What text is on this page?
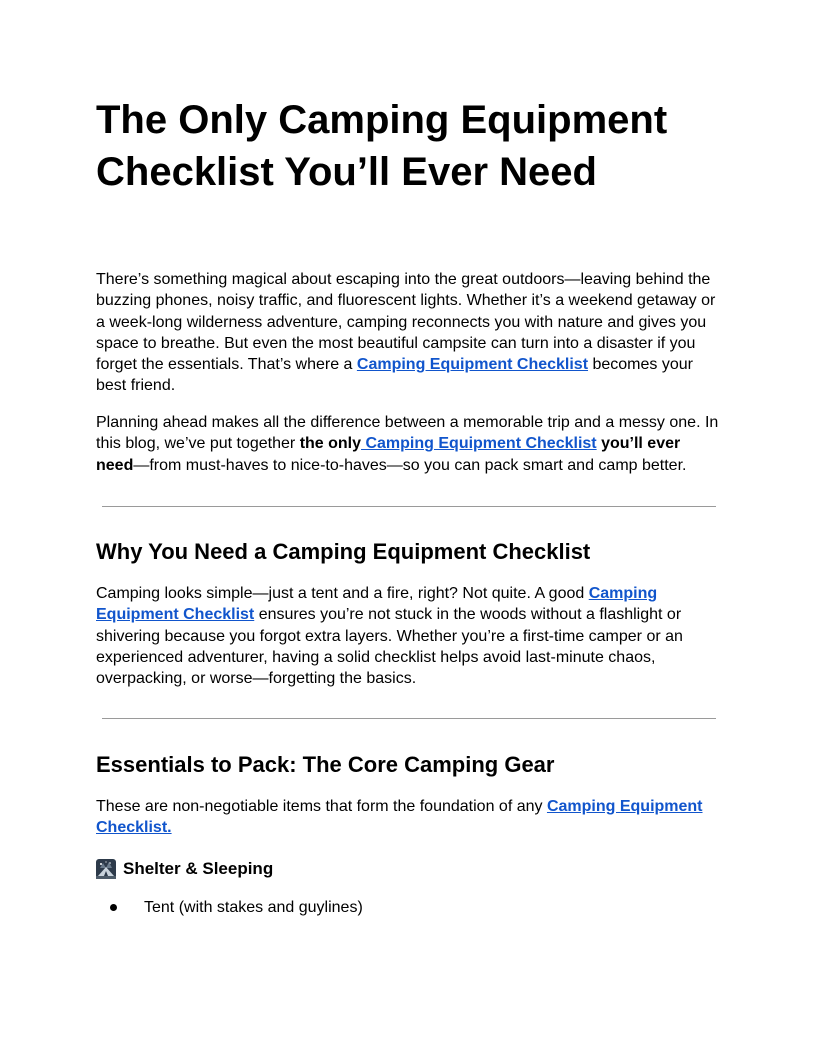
The Only Camping Equipment Checklist You’ll Ever Need

There’s something magical about escaping into the great outdoors—leaving behind the buzzing phones, noisy traffic, and fluorescent lights. Whether it’s a weekend getaway or a week-long wilderness adventure, camping reconnects you with nature and gives you space to breathe. But even the most beautiful campsite can turn into a disaster if you forget the essentials. That’s where a Camping Equipment Checklist becomes your best friend.

Planning ahead makes all the difference between a memorable trip and a messy one. In this blog, we’ve put together the only Camping Equipment Checklist you’ll ever need—from must-haves to nice-to-haves—so you can pack smart and camp better.

Why You Need a Camping Equipment Checklist

Camping looks simple—just a tent and a fire, right? Not quite. A good Camping Equipment Checklist ensures you’re not stuck in the woods without a flashlight or shivering because you forgot extra layers. Whether you’re a first-time camper or an experienced adventurer, having a solid checklist helps avoid last-minute chaos, overpacking, or worse—forgetting the basics.

Essentials to Pack: The Core Camping Gear

These are non-negotiable items that form the foundation of any Camping Equipment Checklist.

Shelter & Sleeping
Tent (with stakes and guylines)
